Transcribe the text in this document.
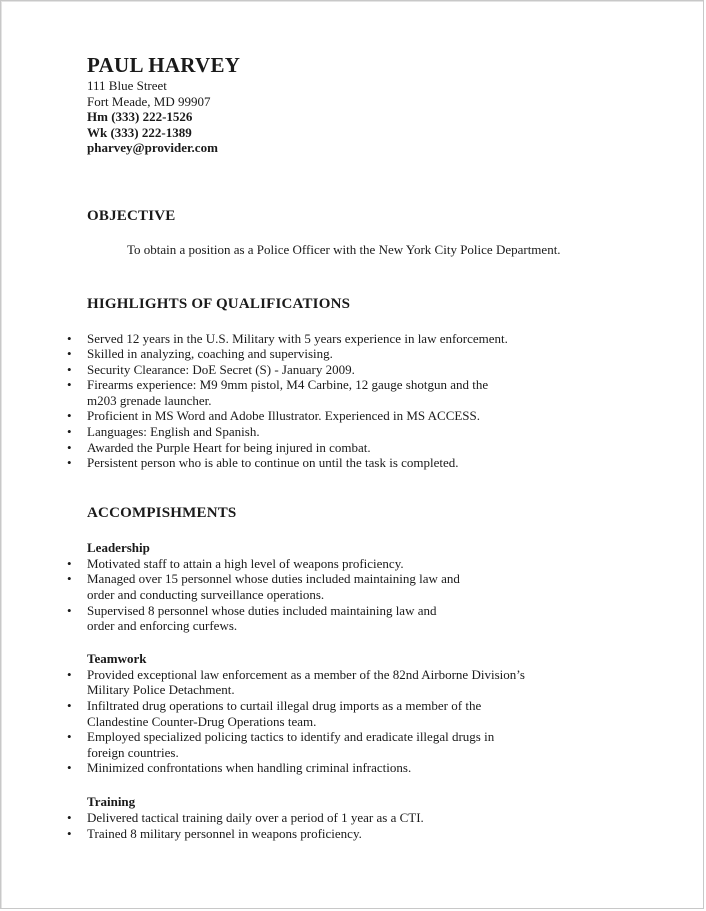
PAUL HARVEY

111 Blue Street

Fort Meade, MD 99907

Hm (333) 222-1526

Wk (333) 222-1389

pharvey@provider.com

OBJECTIVE

To obtain a position as a Police Officer with the New York City Police Department.

HIGHLIGHTS OF QUALIFICATIONS

• Served 12 years in the U.S. Military with 5 years experience in law enforcement.
• Skilled in analyzing, coaching and supervising.
• Security Clearance: DoE Secret (S) - January 2009.
• Firearms experience: M9 9mm pistol, M4 Carbine, 12 gauge shotgun and the
m203 grenade launcher.
• Proficient in MS Word and Adobe Illustrator. Experienced in MS ACCESS.
• Languages: English and Spanish.
• Awarded the Purple Heart for being injured in combat.
• Persistent person who is able to continue on until the task is completed.

ACCOMPISHMENTS

Leadership

• Motivated staff to attain a high level of weapons proficiency.
• Managed over 15 personnel whose duties included maintaining law and
order and conducting surveillance operations.
• Supervised 8 personnel whose duties included maintaining law and
order and enforcing curfews.

Teamwork

• Provided exceptional law enforcement as a member of the 82nd Airborne Division’s
Military Police Detachment.
• Infiltrated drug operations to curtail illegal drug imports as a member of the
Clandestine Counter-Drug Operations team.
• Employed specialized policing tactics to identify and eradicate illegal drugs in
foreign countries.
• Minimized confrontations when handling criminal infractions.

Training

• Delivered tactical training daily over a period of 1 year as a CTI.
• Trained 8 military personnel in weapons proficiency.
